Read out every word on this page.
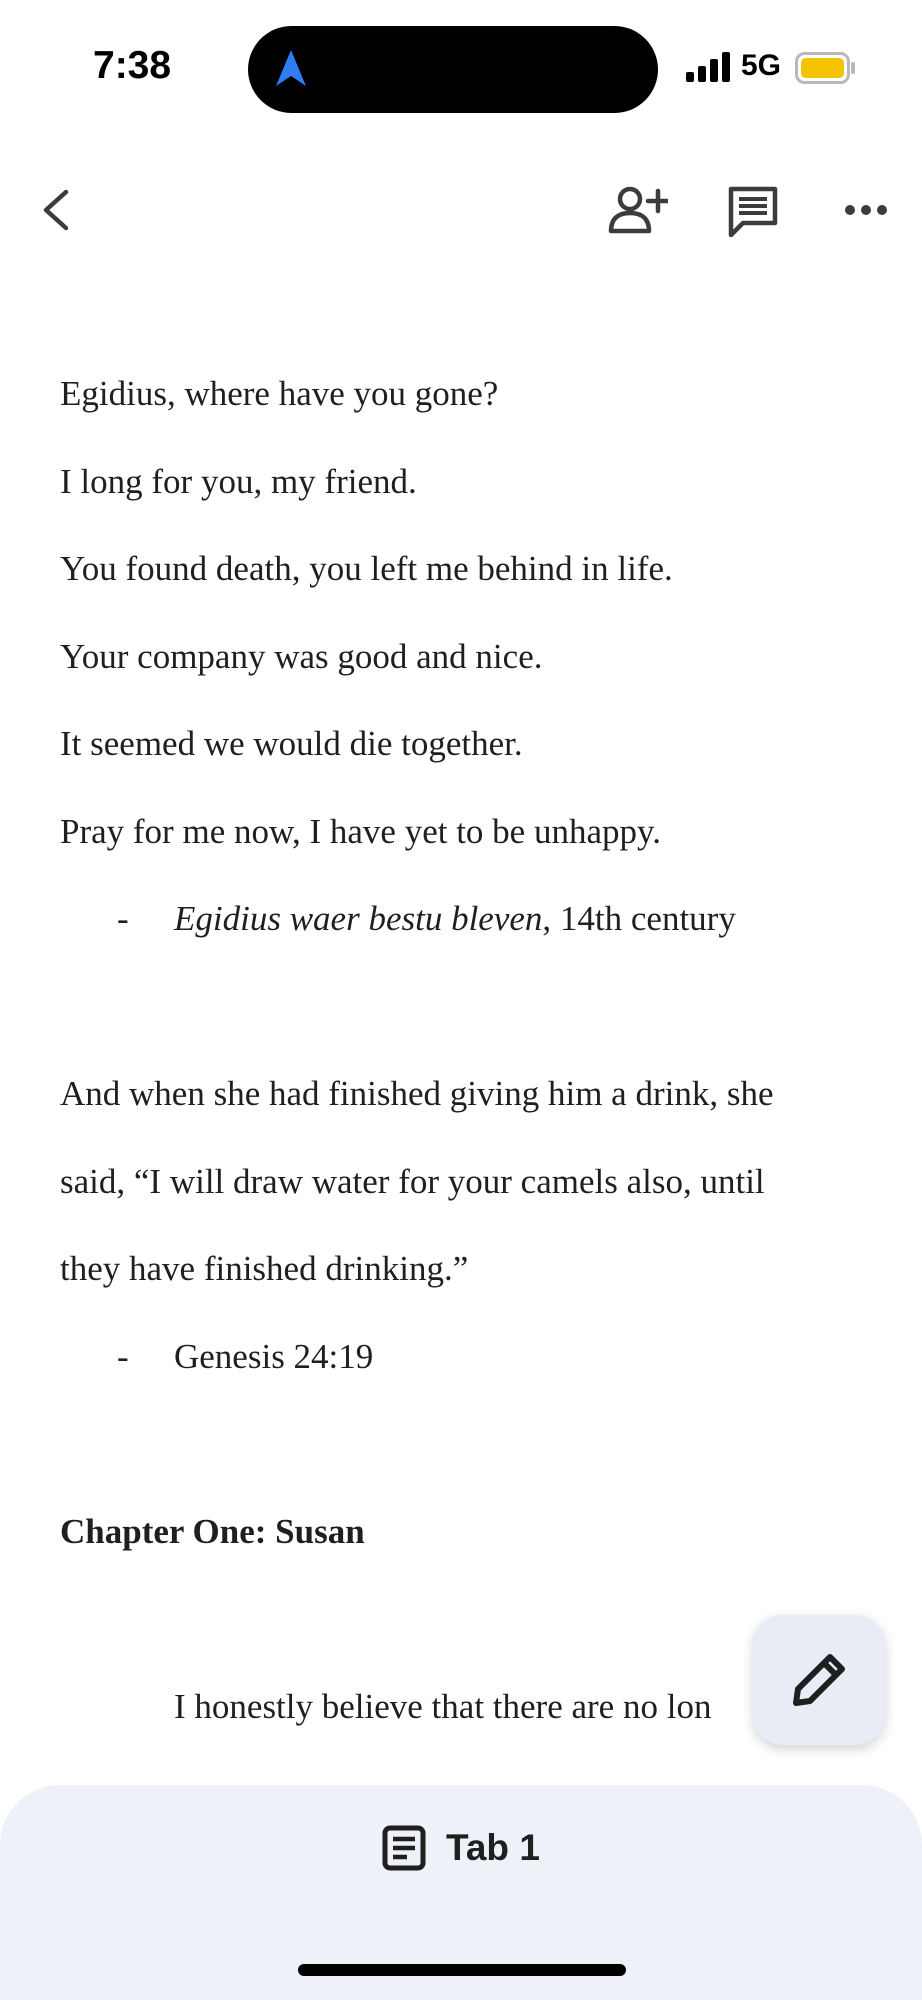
Egidius, where have you gone?
I long for you, my friend.
You found death, you left me behind in life.
Your company was good and nice.
It seemed we would die together.
Pray for me now, I have yet to be unhappy.
- Egidius waer bestu bleven, 14th century
And when she had finished giving him a drink, she
said, “I will draw water for your camels also, until
they have finished drinking.”
- Genesis 24:19
Chapter One: Susan
I honestly believe that there are no lon
7:38	5G
Tab 1
